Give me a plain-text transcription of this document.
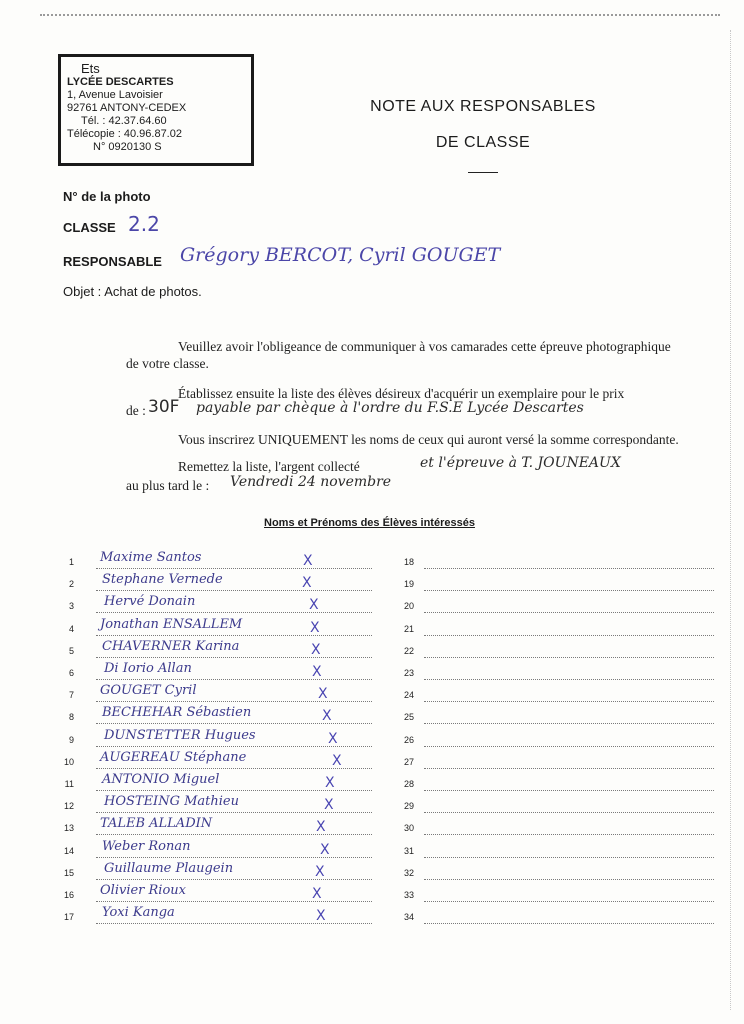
Ets
LYCÉE DESCARTES
1, Avenue Lavoisier
92761 ANTONY-CEDEX
Tél. : 42.37.64.60
Télécopie : 40.96.87.02
N° 0920130 S
NOTE AUX RESPONSABLES
DE CLASSE
N° de la photo
CLASSE 2.2
RESPONSABLE Grégory BERCOT, Cyril GOUGET
Objet : Achat de photos.
Veuillez avoir l'obligeance de communiquer à vos camarades cette épreuve photographique
de votre classe.
Établissez ensuite la liste des élèves désireux d'acquérir un exemplaire pour le prix
de : 30F payable par chèque à l'ordre du F.S.E Lycée Descartes
Vous inscrirez UNIQUEMENT les noms de ceux qui auront versé la somme correspondante.
Remettez la liste, l'argent collecté	et l'épreuve à T. JOUNEAUX
au plus tard le : Vendredi 24 novembre
Noms et Prénoms des Élèves intéressés
1 Maxime Santos	X
2 Stephane Vernede	X
3 Hervé Donain	X
4 Jonathan ENSALLEM	X
5 CHAVERNER Karina	X
6 Di Iorio Allan	X
7 GOUGET Cyril	X
8 BECHEHAR Sébastien	X
9 DUNSTETTER Hugues	X
10 AUGEREAU Stéphane	X
11 ANTONIO Miguel	X
12 HOSTEING Mathieu	X
13 TALEB ALLADIN	X
14 Weber Ronan	X
15 Guillaume Plaugein	X
16 Olivier Rioux	X
17 Yoxi Kanga	X
18
19
20
21
22
23
24
25
26
27
28
29
30
31
32
33
34
